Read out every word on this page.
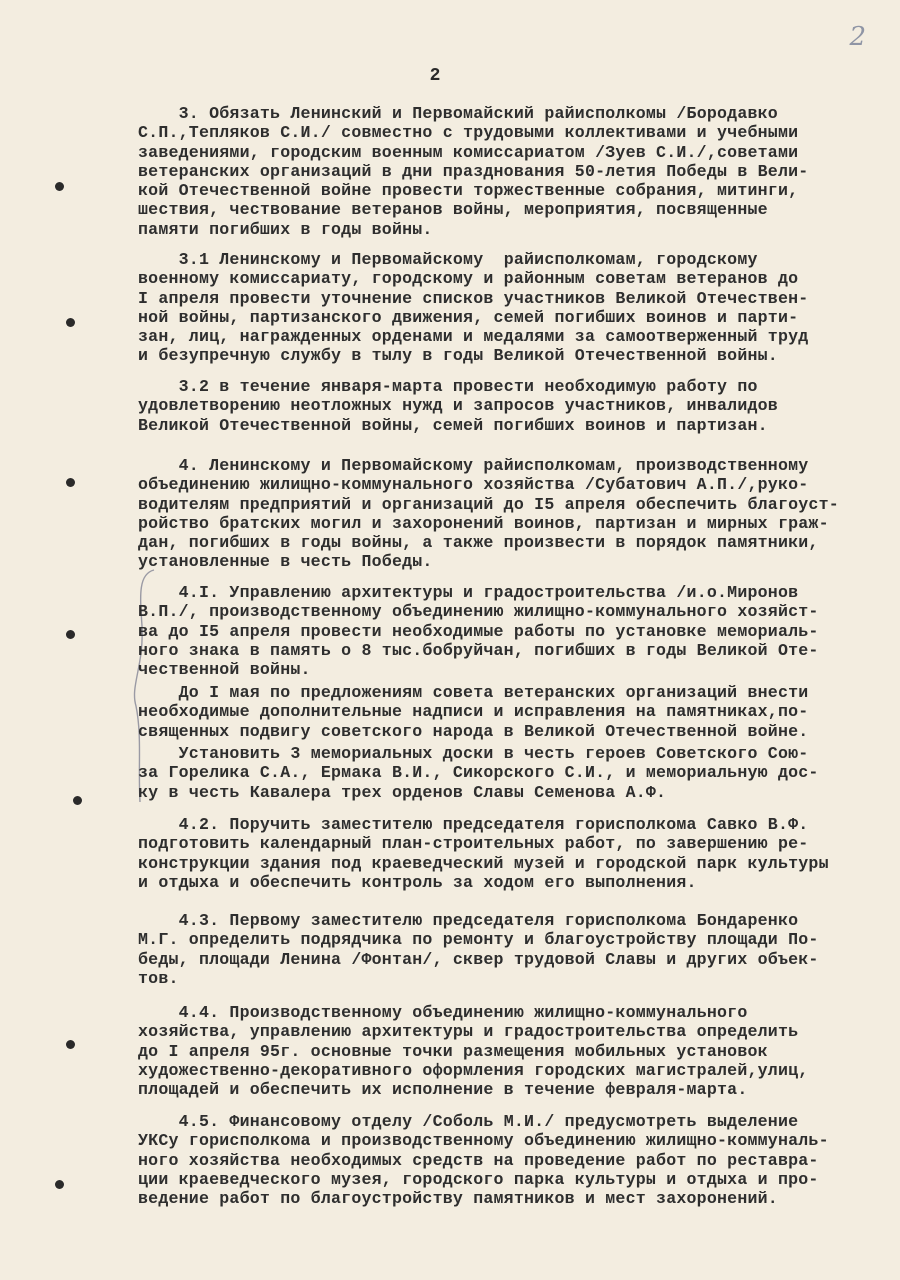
2
2

3. Обязать Ленинский и Первомайский райисполкомы /Бородавко
С.П.,Тепляков С.И./ совместно с трудовыми коллективами и учебными
заведениями, городским военным комиссариатом /Зуев С.И./,советами
ветеранских организаций в дни празднования 50-летия Победы в Вели-
кой Отечественной войне провести торжественные собрания, митинги,
шествия, чествование ветеранов войны, мероприятия, посвященные
памяти погибших в годы войны.

3.1 Ленинскому и Первомайскому  райисполкомам, городскому
военному комиссариату, городскому и районным советам ветеранов до
I апреля провести уточнение списков участников Великой Отечествен-
ной войны, партизанского движения, семей погибших воинов и парти-
зан, лиц, награжденных орденами и медалями за самоотверженный труд
и безупречную службу в тылу в годы Великой Отечественной войны.

3.2 в течение января-марта провести необходимую работу по
удовлетворению неотложных нужд и запросов участников, инвалидов
Великой Отечественной войны, семей погибших воинов и партизан.

4. Ленинскому и Первомайскому райисполкомам, производственному
объединению жилищно-коммунального хозяйства /Субатович А.П./,руко-
водителям предприятий и организаций до I5 апреля обеспечить благоуст-
ройство братских могил и захоронений воинов, партизан и мирных граж-
дан, погибших в годы войны, а также произвести в порядок памятники,
установленные в честь Победы.

4.I. Управлению архитектуры и градостроительства /и.о.Миронов
В.П./, производственному объединению жилищно-коммунального хозяйст-
ва до I5 апреля провести необходимые работы по установке мемориаль-
ного знака в память о 8 тыс.бобруйчан, погибших в годы Великой Оте-
чественной войны.

До I мая по предложениям совета ветеранских организаций внести
необходимые дополнительные надписи и исправления на памятниках,по-
священных подвигу советского народа в Великой Отечественной войне.

Установить 3 мемориальных доски в честь героев Советского Сою-
за Горелика С.А., Ермака В.И., Сикорского С.И., и мемориальную дос-
ку в честь Кавалера трех орденов Славы Семенова А.Ф.

4.2. Поручить заместителю председателя горисполкома Савко В.Ф.
подготовить календарный план-строительных работ, по завершению ре-
конструкции здания под краеведческий музей и городской парк культуры
и отдыха и обеспечить контроль за ходом его выполнения.

4.3. Первому заместителю председателя горисполкома Бондаренко
М.Г. определить подрядчика по ремонту и благоустройству площади По-
беды, площади Ленина /Фонтан/, сквер трудовой Славы и других объек-
тов.

4.4. Производственному объединению жилищно-коммунального
хозяйства, управлению архитектуры и градостроительства определить
до I апреля 95г. основные точки размещения мобильных установок
художественно-декоративного оформления городских магистралей,улиц,
площадей и обеспечить их исполнение в течение февраля-марта.

4.5. Финансовому отделу /Соболь М.И./ предусмотреть выделение
УКСу горисполкома и производственному объединению жилищно-коммуналь-
ного хозяйства необходимых средств на проведение работ по реставра-
ции краеведческого музея, городского парка культуры и отдыха и про-
ведение работ по благоустройству памятников и мест захоронений.
